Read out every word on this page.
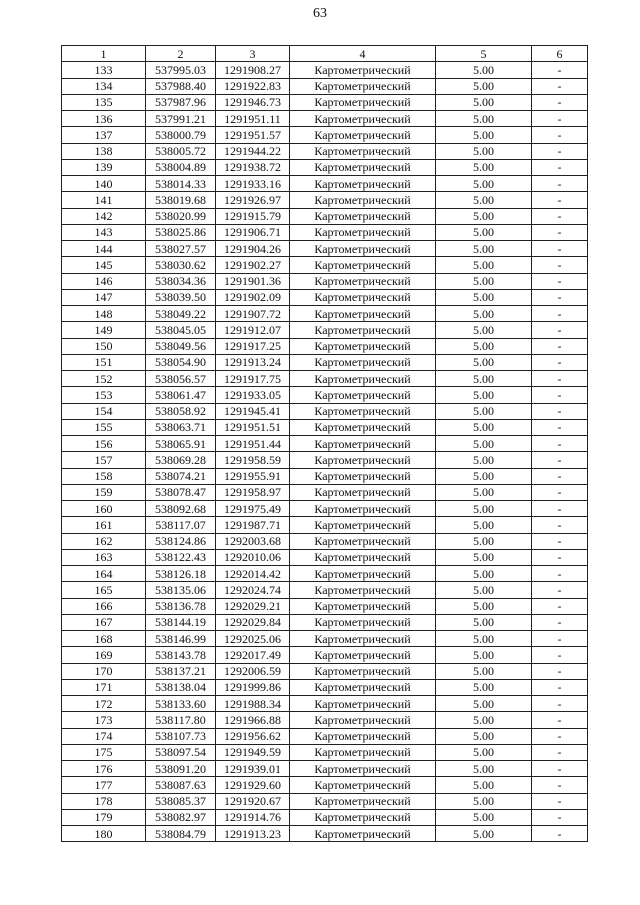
63
1	2	3	4	5	6
133	537995.03	1291908.27	Картометрический	5.00	-
134	537988.40	1291922.83	Картометрический	5.00	-
135	537987.96	1291946.73	Картометрический	5.00	-
136	537991.21	1291951.11	Картометрический	5.00	-
137	538000.79	1291951.57	Картометрический	5.00	-
138	538005.72	1291944.22	Картометрический	5.00	-
139	538004.89	1291938.72	Картометрический	5.00	-
140	538014.33	1291933.16	Картометрический	5.00	-
141	538019.68	1291926.97	Картометрический	5.00	-
142	538020.99	1291915.79	Картометрический	5.00	-
143	538025.86	1291906.71	Картометрический	5.00	-
144	538027.57	1291904.26	Картометрический	5.00	-
145	538030.62	1291902.27	Картометрический	5.00	-
146	538034.36	1291901.36	Картометрический	5.00	-
147	538039.50	1291902.09	Картометрический	5.00	-
148	538049.22	1291907.72	Картометрический	5.00	-
149	538045.05	1291912.07	Картометрический	5.00	-
150	538049.56	1291917.25	Картометрический	5.00	-
151	538054.90	1291913.24	Картометрический	5.00	-
152	538056.57	1291917.75	Картометрический	5.00	-
153	538061.47	1291933.05	Картометрический	5.00	-
154	538058.92	1291945.41	Картометрический	5.00	-
155	538063.71	1291951.51	Картометрический	5.00	-
156	538065.91	1291951.44	Картометрический	5.00	-
157	538069.28	1291958.59	Картометрический	5.00	-
158	538074.21	1291955.91	Картометрический	5.00	-
159	538078.47	1291958.97	Картометрический	5.00	-
160	538092.68	1291975.49	Картометрический	5.00	-
161	538117.07	1291987.71	Картометрический	5.00	-
162	538124.86	1292003.68	Картометрический	5.00	-
163	538122.43	1292010.06	Картометрический	5.00	-
164	538126.18	1292014.42	Картометрический	5.00	-
165	538135.06	1292024.74	Картометрический	5.00	-
166	538136.78	1292029.21	Картометрический	5.00	-
167	538144.19	1292029.84	Картометрический	5.00	-
168	538146.99	1292025.06	Картометрический	5.00	-
169	538143.78	1292017.49	Картометрический	5.00	-
170	538137.21	1292006.59	Картометрический	5.00	-
171	538138.04	1291999.86	Картометрический	5.00	-
172	538133.60	1291988.34	Картометрический	5.00	-
173	538117.80	1291966.88	Картометрический	5.00	-
174	538107.73	1291956.62	Картометрический	5.00	-
175	538097.54	1291949.59	Картометрический	5.00	-
176	538091.20	1291939.01	Картометрический	5.00	-
177	538087.63	1291929.60	Картометрический	5.00	-
178	538085.37	1291920.67	Картометрический	5.00	-
179	538082.97	1291914.76	Картометрический	5.00	-
180	538084.79	1291913.23	Картометрический	5.00	-
